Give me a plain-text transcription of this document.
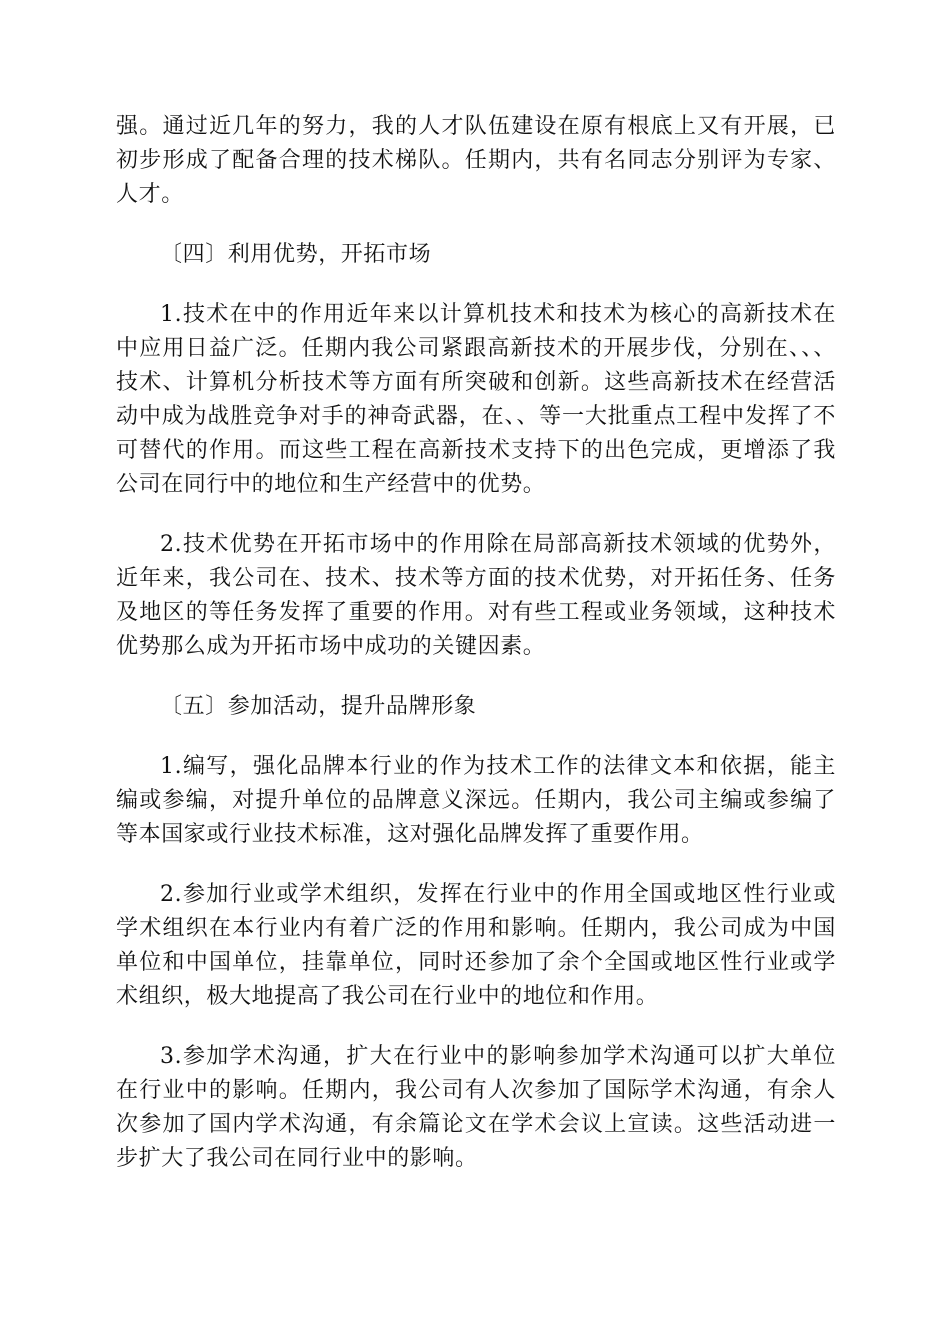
强。通过近几年的努力，我的人才队伍建设在原有根底上又有开展，已初步形成了配备合理的技术梯队。任期内，共有名同志分别评为专家、人才。

〔四〕利用优势，开拓市场

1.技术在中的作用近年来以计算机技术和技术为核心的高新技术在中应用日益广泛。任期内我公司紧跟高新技术的开展步伐，分别在、、、技术、计算机分析技术等方面有所突破和创新。这些高新技术在经营活动中成为战胜竞争对手的神奇武器，在、、等一大批重点工程中发挥了不可替代的作用。而这些工程在高新技术支持下的出色完成，更增添了我公司在同行中的地位和生产经营中的优势。

2.技术优势在开拓市场中的作用除在局部高新技术领域的优势外，近年来，我公司在、技术、技术等方面的技术优势，对开拓任务、任务及地区的等任务发挥了重要的作用。对有些工程或业务领域，这种技术优势那么成为开拓市场中成功的关键因素。

〔五〕参加活动，提升品牌形象

1.编写，强化品牌本行业的作为技术工作的法律文本和依据，能主编或参编，对提升单位的品牌意义深远。任期内，我公司主编或参编了等本国家或行业技术标准，这对强化品牌发挥了重要作用。

2.参加行业或学术组织，发挥在行业中的作用全国或地区性行业或学术组织在本行业内有着广泛的作用和影响。任期内，我公司成为中国单位和中国单位，挂靠单位，同时还参加了余个全国或地区性行业或学术组织，极大地提高了我公司在行业中的地位和作用。

3.参加学术沟通，扩大在行业中的影响参加学术沟通可以扩大单位在行业中的影响。任期内，我公司有人次参加了国际学术沟通，有余人次参加了国内学术沟通，有余篇论文在学术会议上宣读。这些活动进一步扩大了我公司在同行业中的影响。
